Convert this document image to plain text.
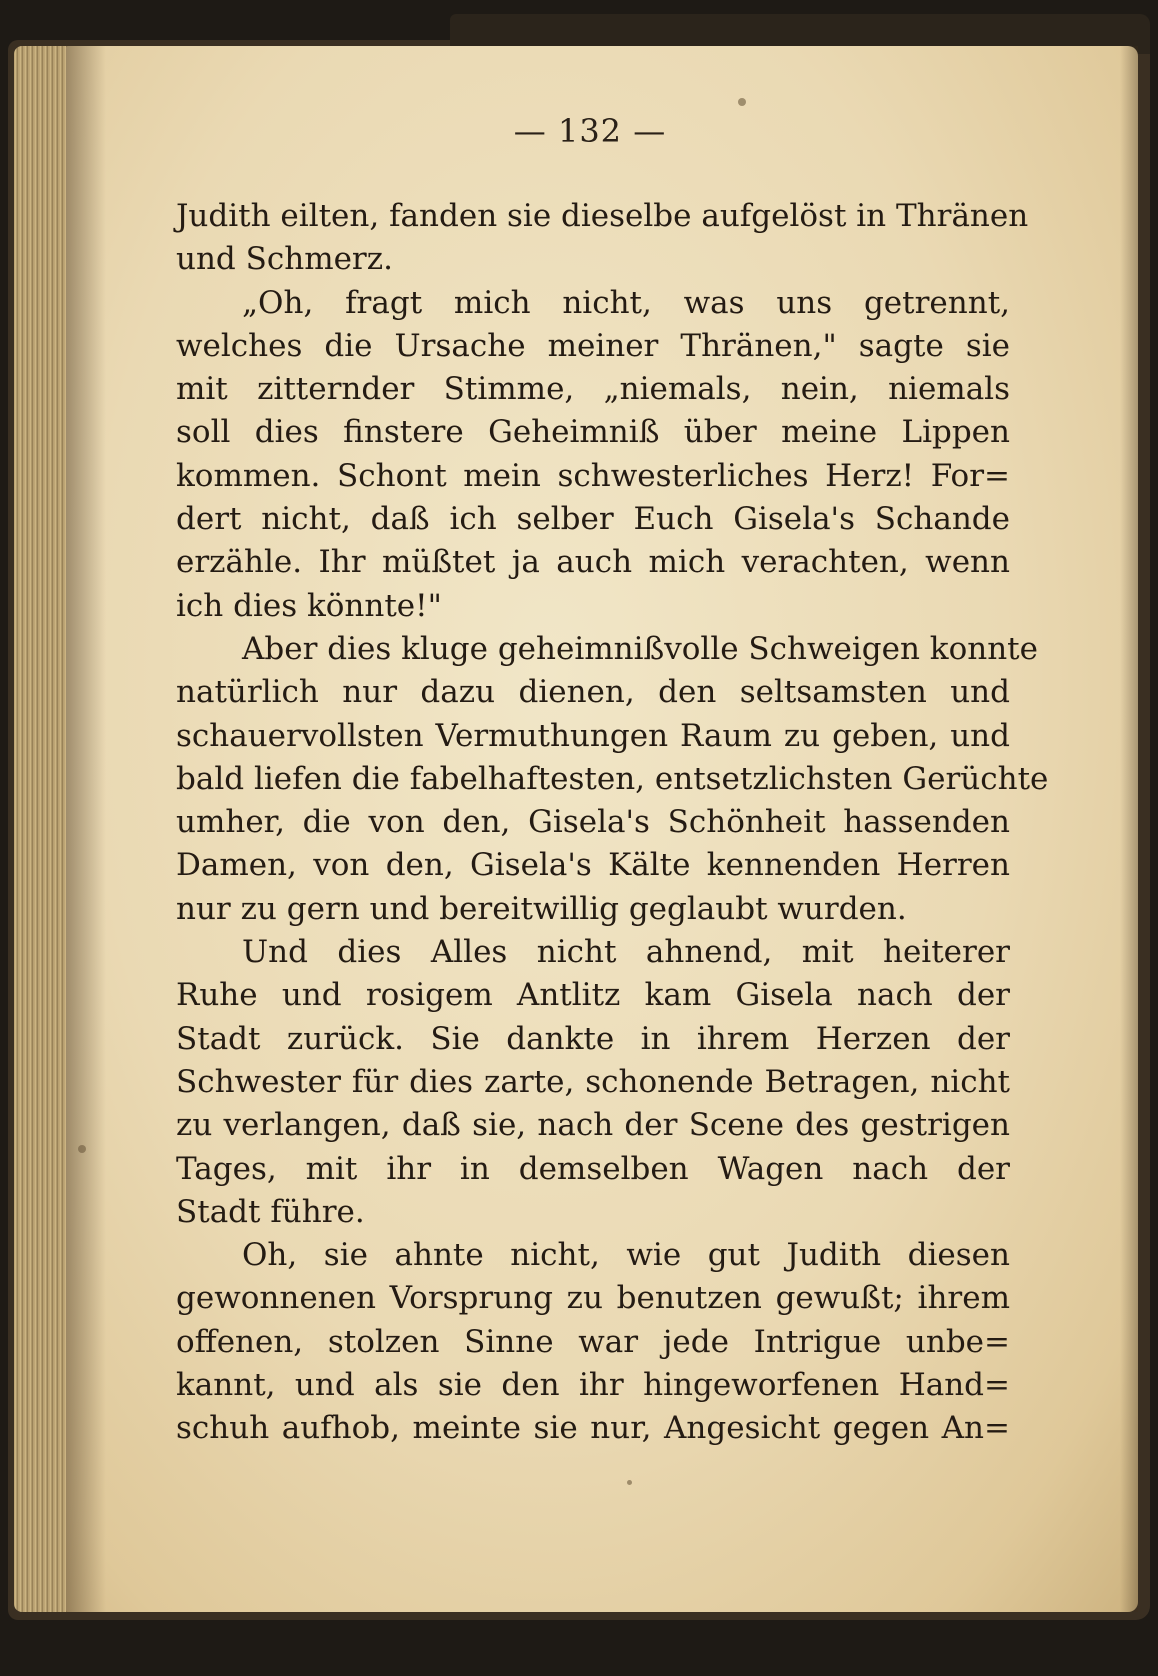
— 132 —
Judith eilten, fanden sie dieselbe aufgelöst in Thränen
und Schmerz.
„Oh, fragt mich nicht, was uns getrennt,
welches die Ursache meiner Thränen," sagte sie
mit zitternder Stimme, „niemals, nein, niemals
soll dies finstere Geheimniß über meine Lippen
kommen. Schont mein schwesterliches Herz! For=
dert nicht, daß ich selber Euch Gisela's Schande
erzähle. Ihr müßtet ja auch mich verachten, wenn
ich dies könnte!"
Aber dies kluge geheimnißvolle Schweigen konnte
natürlich nur dazu dienen, den seltsamsten und
schauervollsten Vermuthungen Raum zu geben, und
bald liefen die fabelhaftesten, entsetzlichsten Gerüchte
umher, die von den, Gisela's Schönheit hassenden
Damen, von den, Gisela's Kälte kennenden Herren
nur zu gern und bereitwillig geglaubt wurden.
Und dies Alles nicht ahnend, mit heiterer
Ruhe und rosigem Antlitz kam Gisela nach der
Stadt zurück. Sie dankte in ihrem Herzen der
Schwester für dies zarte, schonende Betragen, nicht
zu verlangen, daß sie, nach der Scene des gestrigen
Tages, mit ihr in demselben Wagen nach der
Stadt führe.
Oh, sie ahnte nicht, wie gut Judith diesen
gewonnenen Vorsprung zu benutzen gewußt; ihrem
offenen, stolzen Sinne war jede Intrigue unbe=
kannt, und als sie den ihr hingeworfenen Hand=
schuh aufhob, meinte sie nur, Angesicht gegen An=
